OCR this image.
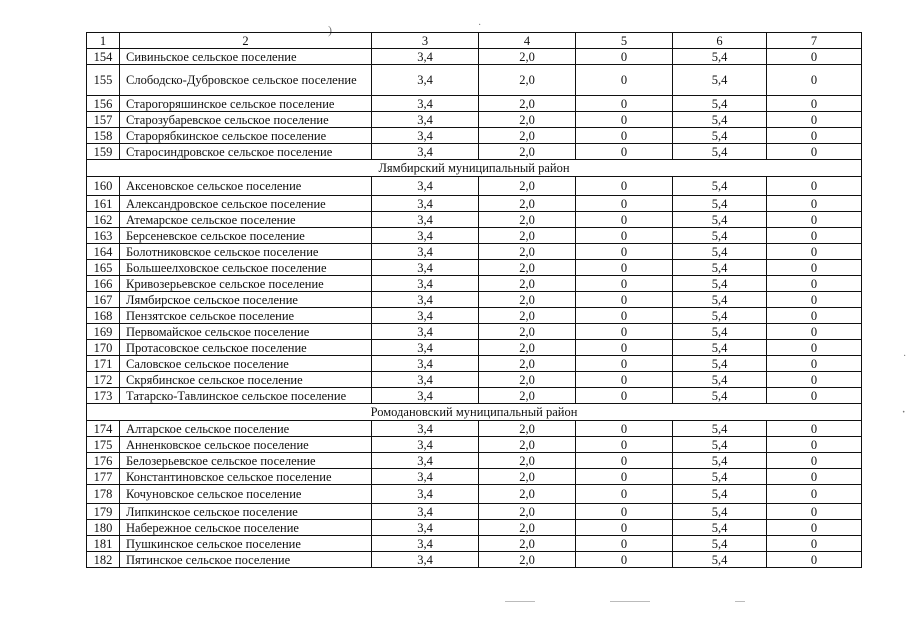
)	·
·
1	2	3	4	5	6	7
154	Сивиньское сельское поселение	3,4	2,0	0	5,4	0
155	Слободско-Дубровское сельское поселение	3,4	2,0	0	5,4	0
156	Старогоряшинское сельское поселение	3,4	2,0	0	5,4	0
157	Старозубаревское сельское поселение	3,4	2,0	0	5,4	0
158	Старорябкинское сельское поселение	3,4	2,0	0	5,4	0
159	Старосиндровское сельское поселение	3,4	2,0	0	5,4	0
Лямбирский муниципальный район						
160	Аксеновское сельское поселение	3,4	2,0	0	5,4	0
161	Александровское сельское поселение	3,4	2,0	0	5,4	0
162	Атемарское сельское поселение	3,4	2,0	0	5,4	0
163	Берсеневское сельское поселение	3,4	2,0	0	5,4	0
164	Болотниковское сельское поселение	3,4	2,0	0	5,4	0
165	Большеелховское сельское поселение	3,4	2,0	0	5,4	0
166	Кривозерьевское сельское поселение	3,4	2,0	0	5,4	0
167	Лямбирское сельское поселение	3,4	2,0	0	5,4	0
168	Пензятское сельское поселение	3,4	2,0	0	5,4	0
169	Первомайское сельское поселение	3,4	2,0	0	5,4	0
170	Протасовское сельское поселение	3,4	2,0	0	5,4	0
171	Саловское сельское поселение	3,4	2,0	0	5,4	0
172	Скрябинское сельское поселение	3,4	2,0	0	5,4	0
173	Татарско-Тавлинское сельское поселение	3,4	2,0	0	5,4	0
Ромодановский муниципальный район						
174	Алтарское сельское поселение	3,4	2,0	0	5,4	0
175	Анненковское сельское поселение	3,4	2,0	0	5,4	0
176	Белозерьевское сельское поселение	3,4	2,0	0	5,4	0
177	Константиновское сельское поселение	3,4	2,0	0	5,4	0
178	Кочуновское сельское поселение	3,4	2,0	0	5,4	0
179	Липкинское сельское поселение	3,4	2,0	0	5,4	0
180	Набережное сельское поселение	3,4	2,0	0	5,4	0
181	Пушкинское сельское поселение	3,4	2,0	0	5,4	0
182	Пятинское сельское поселение	3,4	2,0	0	5,4	0
